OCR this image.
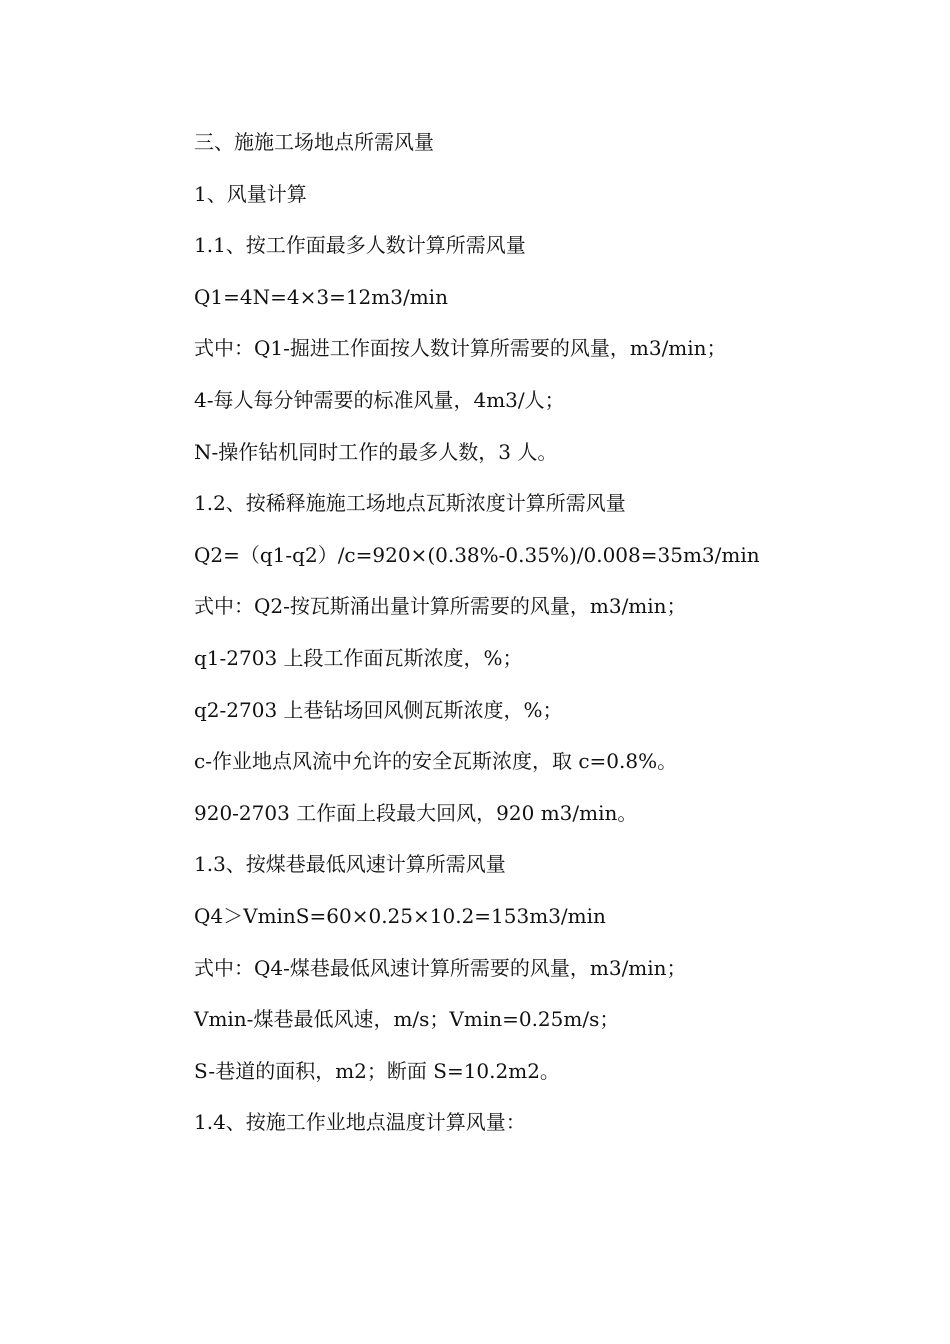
三、施施工场地点所需风量

1、风量计算

1.1、按工作面最多人数计算所需风量

Q1=4N=4×3=12m3/min

式中：Q1-掘进工作面按人数计算所需要的风量，m3/min；

4-每人每分钟需要的标准风量，4m3/人；

N-操作钻机同时工作的最多人数，3 人。

1.2、按稀释施施工场地点瓦斯浓度计算所需风量

Q2=（q1-q2）/c=920×(0.38%-0.35%)/0.008=35m3/min

式中：Q2-按瓦斯涌出量计算所需要的风量，m3/min；

q1-2703 上段工作面瓦斯浓度，%；

q2-2703 上巷钻场回风侧瓦斯浓度，%；

c-作业地点风流中允许的安全瓦斯浓度，取 c=0.8%。

920-2703 工作面上段最大回风，920 m3/min。

1.3、按煤巷最低风速计算所需风量

Q4＞VminS=60×0.25×10.2=153m3/min

式中：Q4-煤巷最低风速计算所需要的风量，m3/min；

Vmin-煤巷最低风速，m/s；Vmin=0.25m/s；

S-巷道的面积，m2；断面 S=10.2m2。

1.4、按施工作业地点温度计算风量：
